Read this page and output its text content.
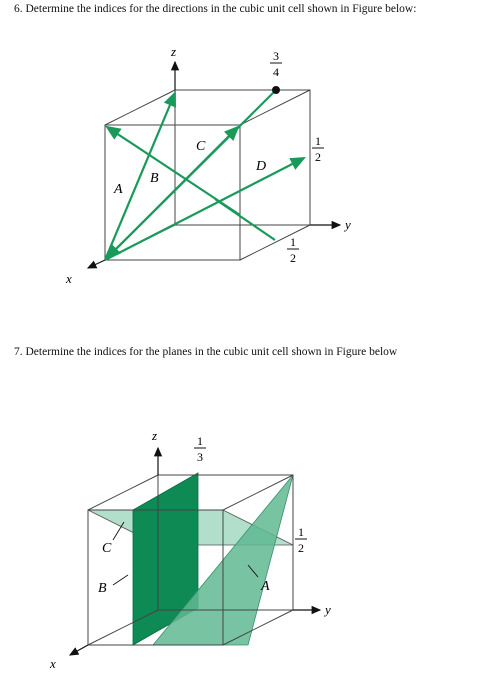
6. Determine the indices for the directions in the cubic unit cell shown in Figure below:
z
y
x
A
B
C
D
3
4
1
2
1
2
7. Determine the indices for the planes in the cubic unit cell shown in Figure below
z
y
x
C
B	A
1
3
1
2
